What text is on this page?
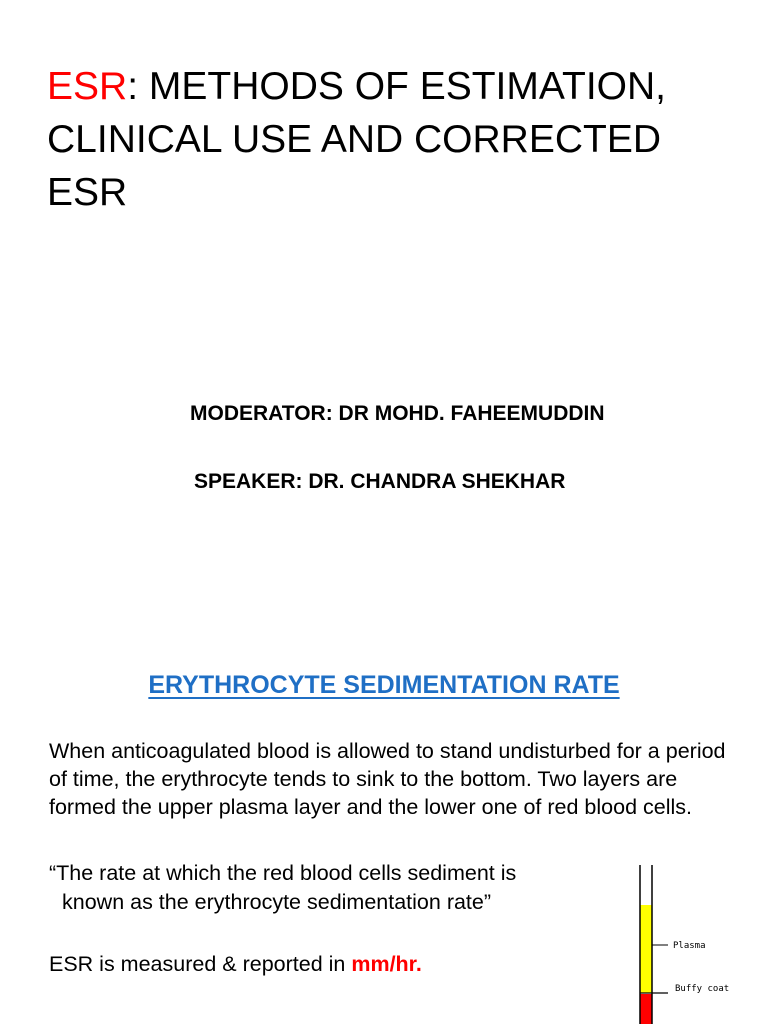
ESR: METHODS OF ESTIMATION, CLINICAL USE AND CORRECTED ESR

MODERATOR: DR MOHD. FAHEEMUDDIN

SPEAKER: DR. CHANDRA SHEKHAR

ERYTHROCYTE SEDIMENTATION RATE

When anticoagulated blood is allowed to stand undisturbed for a period of time, the erythrocyte tends to sink to the bottom. Two layers are formed the upper plasma layer and the lower one of red blood cells.

“The rate at which the red blood cells sediment is
known as the erythrocyte sedimentation rate”

ESR is measured & reported in mm/hr.

Plasma
Buffy coat
